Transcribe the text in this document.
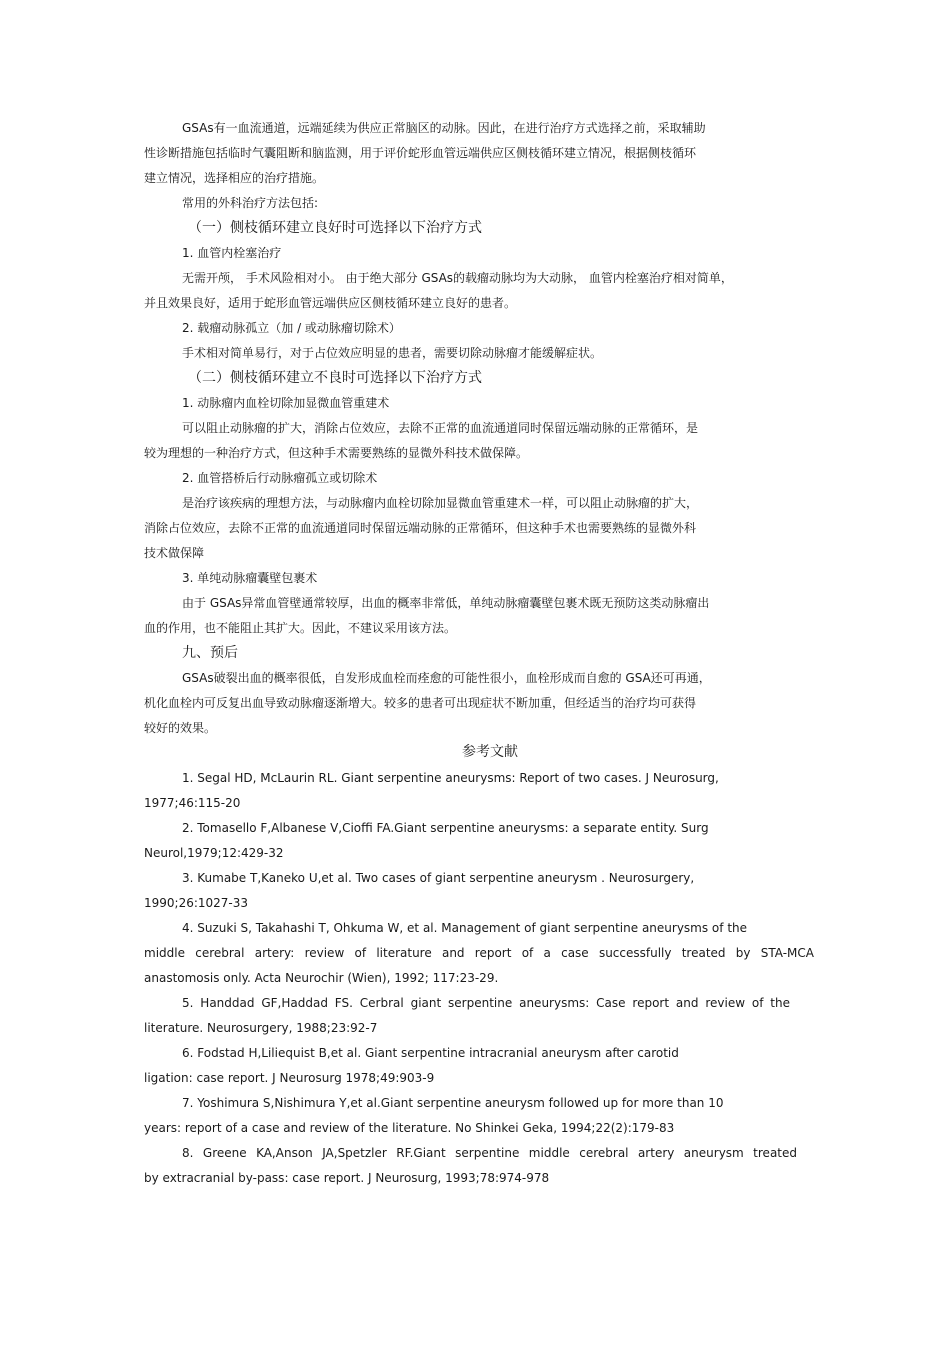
GSAs有一血流通道，远端延续为供应正常脑区的动脉。因此，在进行治疗方式选择之前，采取辅助
性诊断措施包括临时气囊阻断和脑监测，用于评价蛇形血管远端供应区侧枝循环建立情况，根据侧枝循环
建立情况，选择相应的治疗措施。
常用的外科治疗方法包括:
（一）侧枝循环建立良好时可选择以下治疗方式
1. 血管内栓塞治疗
无需开颅， 手术风险相对小。 由于绝大部分 GSAs的载瘤动脉均为大动脉， 血管内栓塞治疗相对简单，
并且效果良好，适用于蛇形血管远端供应区侧枝循环建立良好的患者。
2. 载瘤动脉孤立（加 / 或动脉瘤切除术）
手术相对简单易行，对于占位效应明显的患者，需要切除动脉瘤才能缓解症状。
（二）侧枝循环建立不良时可选择以下治疗方式
1. 动脉瘤内血栓切除加显微血管重建术
可以阻止动脉瘤的扩大，消除占位效应，去除不正常的血流通道同时保留远端动脉的正常循环，是
较为理想的一种治疗方式，但这种手术需要熟练的显微外科技术做保障。
2. 血管搭桥后行动脉瘤孤立或切除术
是治疗该疾病的理想方法，与动脉瘤内血栓切除加显微血管重建术一样，可以阻止动脉瘤的扩大，
消除占位效应，去除不正常的血流通道同时保留远端动脉的正常循环，但这种手术也需要熟练的显微外科
技术做保障
3. 单纯动脉瘤囊壁包裹术
由于 GSAs异常血管壁通常较厚，出血的概率非常低，单纯动脉瘤囊壁包裹术既无预防这类动脉瘤出
血的作用，也不能阻止其扩大。因此，不建议采用该方法。
九、预后
GSAs破裂出血的概率很低，自发形成血栓而痊愈的可能性很小，血栓形成而自愈的 GSA还可再通，
机化血栓内可反复出血导致动脉瘤逐渐增大。较多的患者可出现症状不断加重，但经适当的治疗均可获得
较好的效果。
参考文献
1. Segal HD, McLaurin RL. Giant serpentine aneurysms: Report of two cases. J Neurosurg,
1977;46:115-20
2. Tomasello F,Albanese V,Cioffi FA.Giant serpentine aneurysms: a separate entity. Surg
Neurol,1979;12:429-32
3. Kumabe T,Kaneko U,et al. Two cases of giant serpentine aneurysm . Neurosurgery,
1990;26:1027-33
4. Suzuki S, Takahashi T, Ohkuma W, et al. Management of giant serpentine aneurysms of the
middle cerebral artery: review of literature and report of a case successfully treated by STA-MCA
anastomosis only. Acta Neurochir (Wien), 1992; 117:23-29.
5. Handdad GF,Haddad FS. Cerbral giant serpentine aneurysms: Case report and review of the
literature. Neurosurgery, 1988;23:92-7
6. Fodstad H,Liliequist B,et al. Giant serpentine intracranial aneurysm after carotid
ligation: case report. J Neurosurg 1978;49:903-9
7. Yoshimura S,Nishimura Y,et al.Giant serpentine aneurysm followed up for more than 10
years: report of a case and review of the literature. No Shinkei Geka, 1994;22(2):179-83
8. Greene KA,Anson JA,Spetzler RF.Giant serpentine middle cerebral artery aneurysm treated
by extracranial by-pass: case report. J Neurosurg, 1993;78:974-978
